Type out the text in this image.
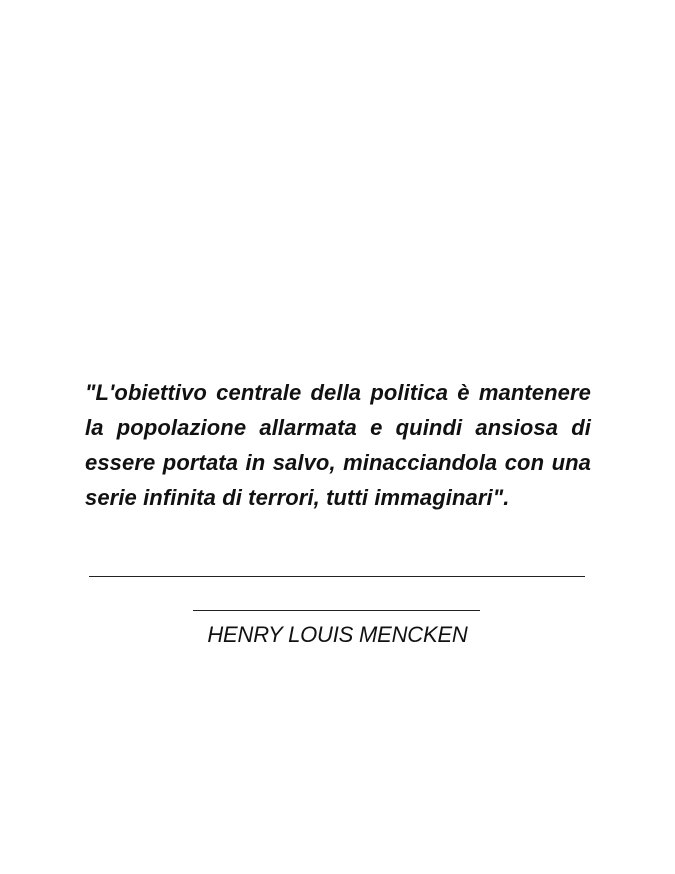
"L'obiettivo centrale della politica è mantenere la popolazione allarmata e quindi ansiosa di essere portata in salvo, minacciandola con una serie infinita di terrori, tutti immaginari".

HENRY LOUIS MENCKEN
